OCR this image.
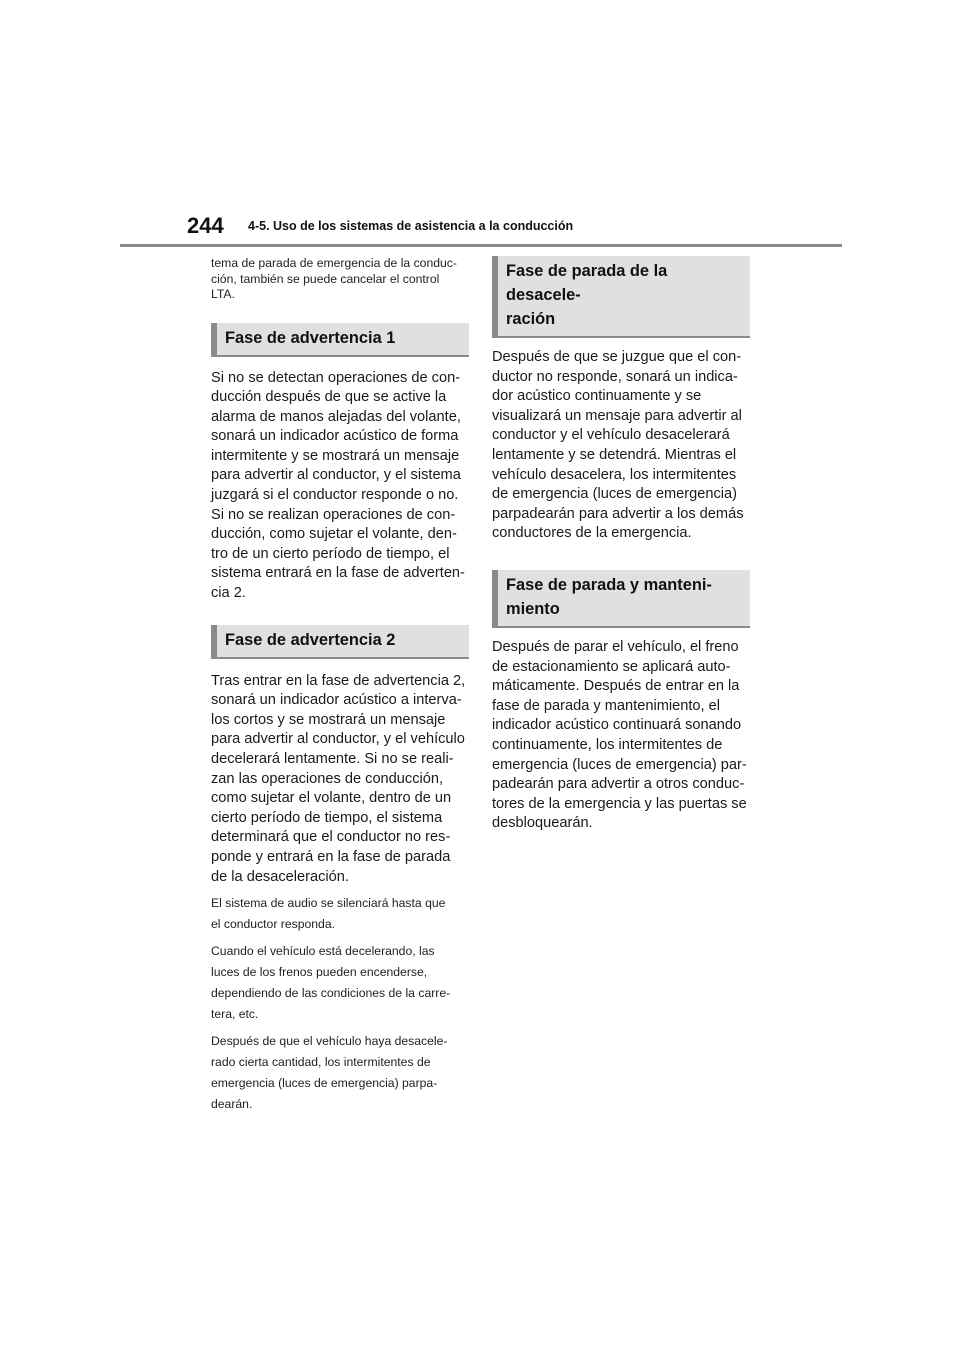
244 4-5. Uso de los sistemas de asistencia a la conducción
tema de parada de emergencia de la conduc-
ción, también se puede cancelar el control
LTA.
Fase de advertencia 1
Si no se detectan operaciones de con-
ducción después de que se active la
alarma de manos alejadas del volante,
sonará un indicador acústico de forma
intermitente y se mostrará un mensaje
para advertir al conductor, y el sistema
juzgará si el conductor responde o no.
Si no se realizan operaciones de con-
ducción, como sujetar el volante, den-
tro de un cierto período de tiempo, el
sistema entrará en la fase de adverten-
cia 2.
Fase de advertencia 2
Tras entrar en la fase de advertencia 2,
sonará un indicador acústico a interva-
los cortos y se mostrará un mensaje
para advertir al conductor, y el vehículo
decelerará lentamente. Si no se reali-
zan las operaciones de conducción,
como sujetar el volante, dentro de un
cierto período de tiempo, el sistema
determinará que el conductor no res-
ponde y entrará en la fase de parada
de la desaceleración.
El sistema de audio se silenciará hasta que
el conductor responda.
Cuando el vehículo está decelerando, las
luces de los frenos pueden encenderse,
dependiendo de las condiciones de la carre-
tera, etc.
Después de que el vehículo haya desacele-
rado cierta cantidad, los intermitentes de
emergencia (luces de emergencia) parpa-
dearán.
Fase de parada de la desacele-
ración
Después de que se juzgue que el con-
ductor no responde, sonará un indica-
dor acústico continuamente y se
visualizará un mensaje para advertir al
conductor y el vehículo desacelerará
lentamente y se detendrá. Mientras el
vehículo desacelera, los intermitentes
de emergencia (luces de emergencia)
parpadearán para advertir a los demás
conductores de la emergencia.
Fase de parada y manteni-
miento
Después de parar el vehículo, el freno
de estacionamiento se aplicará auto-
máticamente. Después de entrar en la
fase de parada y mantenimiento, el
indicador acústico continuará sonando
continuamente, los intermitentes de
emergencia (luces de emergencia) par-
padearán para advertir a otros conduc-
tores de la emergencia y las puertas se
desbloquearán.
